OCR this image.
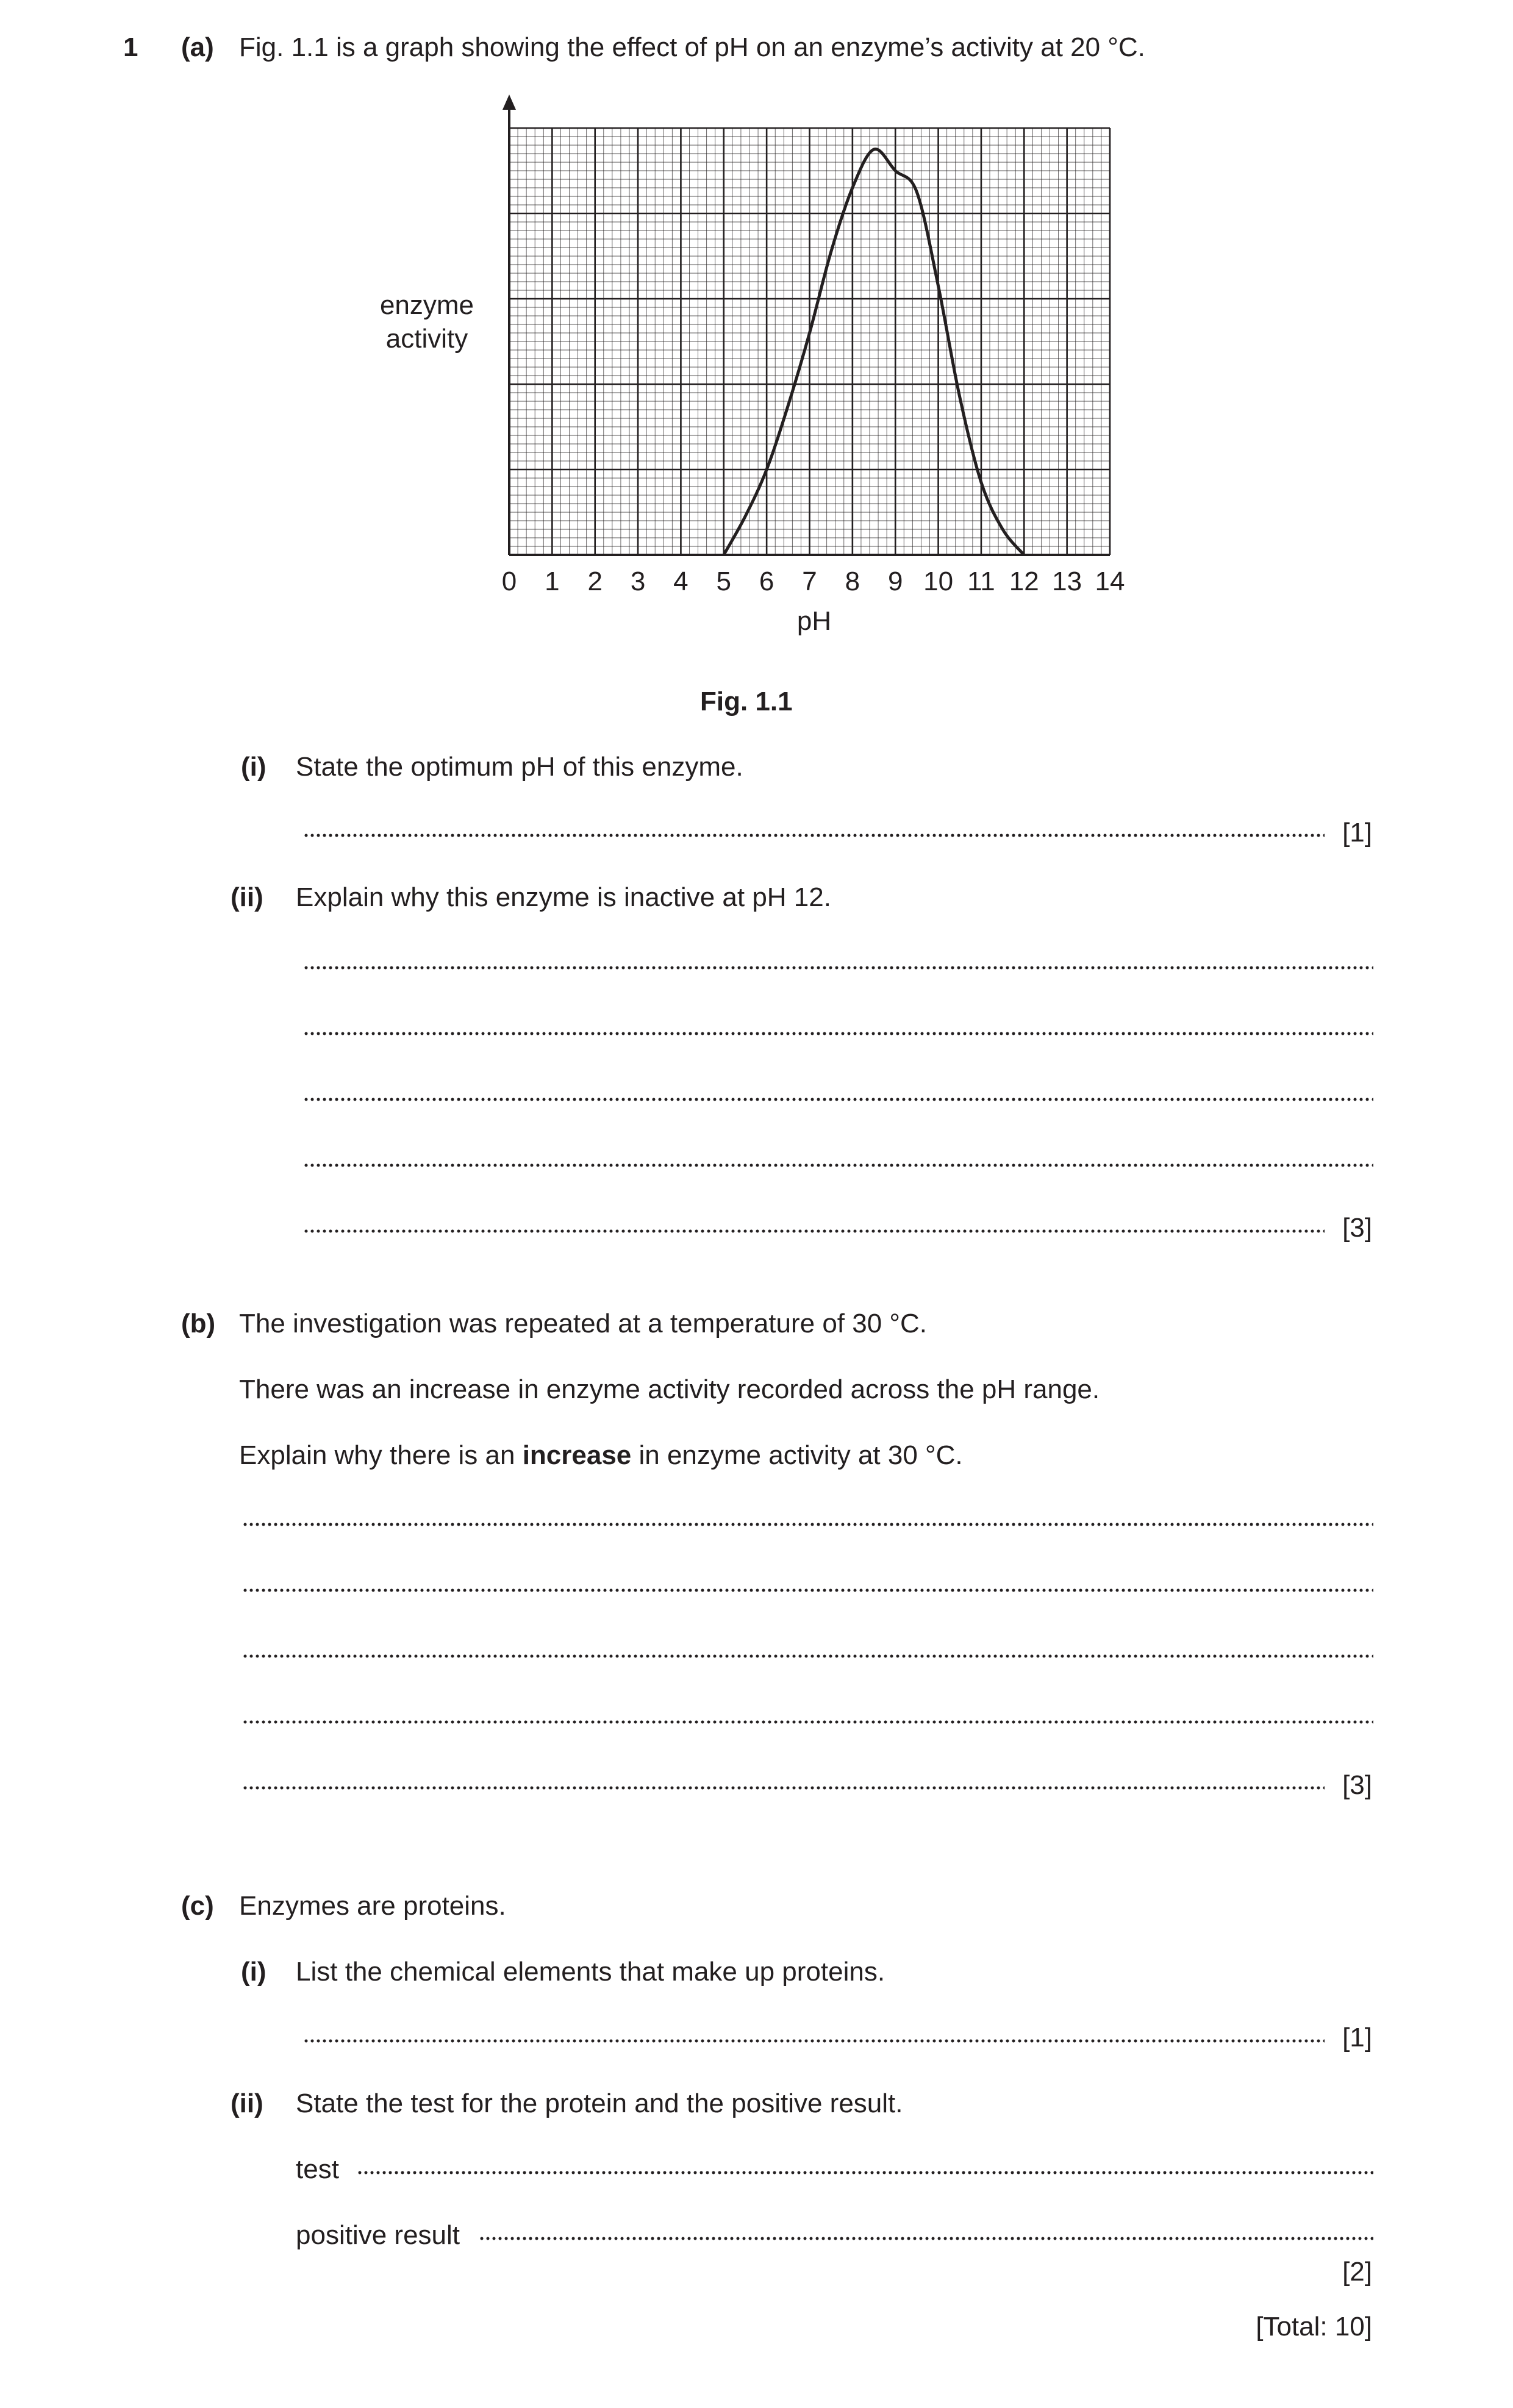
1 (a) Fig. 1.1 is a graph showing the effect of pH on an enzyme’s activity at 20 °C.
0 1 2 3 4 5 6 7 8 9 10 11 12 13 14
enzyme
activity
pH
Fig. 1.1
(i) State the optimum pH of this enzyme.
[1]
(ii) Explain why this enzyme is inactive at pH 12.
[3]
(b) The investigation was repeated at a temperature of 30 °C.
There was an increase in enzyme activity recorded across the pH range.
Explain why there is an increase in enzyme activity at 30 °C.
[3]
(c) Enzymes are proteins.
(i) List the chemical elements that make up proteins.
[1]
(ii) State the test for the protein and the positive result.
test
positive result
[2]
[Total: 10]
